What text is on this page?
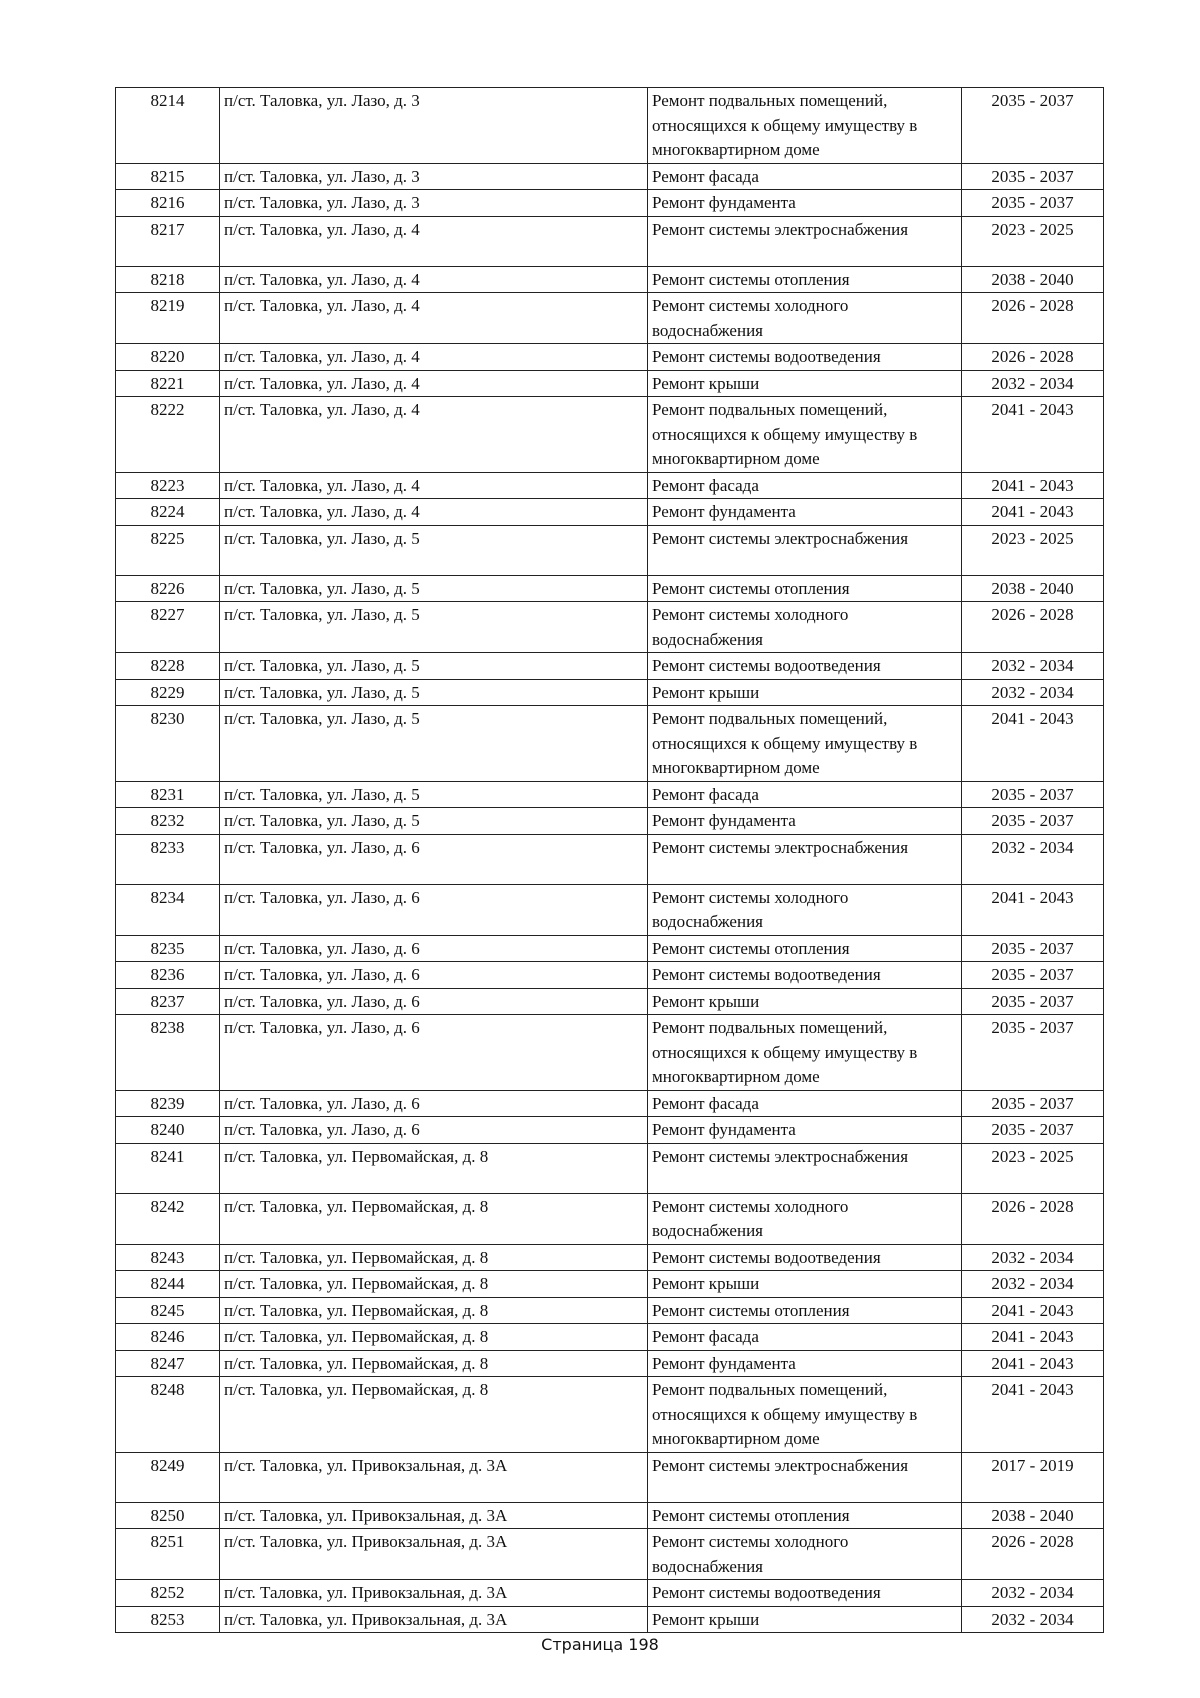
8214	п/ст. Таловка, ул. Лазо, д. 3	Ремонт подвальных помещений, относящихся к общему имуществу в многоквартирном доме	2035 - 2037
8215	п/ст. Таловка, ул. Лазо, д. 3	Ремонт фасада	2035 - 2037
8216	п/ст. Таловка, ул. Лазо, д. 3	Ремонт фундамента	2035 - 2037
8217	п/ст. Таловка, ул. Лазо, д. 4	Ремонт системы электроснабжения	2023 - 2025
8218	п/ст. Таловка, ул. Лазо, д. 4	Ремонт системы отопления	2038 - 2040
8219	п/ст. Таловка, ул. Лазо, д. 4	Ремонт системы холодного водоснабжения	2026 - 2028
8220	п/ст. Таловка, ул. Лазо, д. 4	Ремонт системы водоотведения	2026 - 2028
8221	п/ст. Таловка, ул. Лазо, д. 4	Ремонт крыши	2032 - 2034
8222	п/ст. Таловка, ул. Лазо, д. 4	Ремонт подвальных помещений, относящихся к общему имуществу в многоквартирном доме	2041 - 2043
8223	п/ст. Таловка, ул. Лазо, д. 4	Ремонт фасада	2041 - 2043
8224	п/ст. Таловка, ул. Лазо, д. 4	Ремонт фундамента	2041 - 2043
8225	п/ст. Таловка, ул. Лазо, д. 5	Ремонт системы электроснабжения	2023 - 2025
8226	п/ст. Таловка, ул. Лазо, д. 5	Ремонт системы отопления	2038 - 2040
8227	п/ст. Таловка, ул. Лазо, д. 5	Ремонт системы холодного водоснабжения	2026 - 2028
8228	п/ст. Таловка, ул. Лазо, д. 5	Ремонт системы водоотведения	2032 - 2034
8229	п/ст. Таловка, ул. Лазо, д. 5	Ремонт крыши	2032 - 2034
8230	п/ст. Таловка, ул. Лазо, д. 5	Ремонт подвальных помещений, относящихся к общему имуществу в многоквартирном доме	2041 - 2043
8231	п/ст. Таловка, ул. Лазо, д. 5	Ремонт фасада	2035 - 2037
8232	п/ст. Таловка, ул. Лазо, д. 5	Ремонт фундамента	2035 - 2037
8233	п/ст. Таловка, ул. Лазо, д. 6	Ремонт системы электроснабжения	2032 - 2034
8234	п/ст. Таловка, ул. Лазо, д. 6	Ремонт системы холодного водоснабжения	2041 - 2043
8235	п/ст. Таловка, ул. Лазо, д. 6	Ремонт системы отопления	2035 - 2037
8236	п/ст. Таловка, ул. Лазо, д. 6	Ремонт системы водоотведения	2035 - 2037
8237	п/ст. Таловка, ул. Лазо, д. 6	Ремонт крыши	2035 - 2037
8238	п/ст. Таловка, ул. Лазо, д. 6	Ремонт подвальных помещений, относящихся к общему имуществу в многоквартирном доме	2035 - 2037
8239	п/ст. Таловка, ул. Лазо, д. 6	Ремонт фасада	2035 - 2037
8240	п/ст. Таловка, ул. Лазо, д. 6	Ремонт фундамента	2035 - 2037
8241	п/ст. Таловка, ул. Первомайская, д. 8	Ремонт системы электроснабжения	2023 - 2025
8242	п/ст. Таловка, ул. Первомайская, д. 8	Ремонт системы холодного водоснабжения	2026 - 2028
8243	п/ст. Таловка, ул. Первомайская, д. 8	Ремонт системы водоотведения	2032 - 2034
8244	п/ст. Таловка, ул. Первомайская, д. 8	Ремонт крыши	2032 - 2034
8245	п/ст. Таловка, ул. Первомайская, д. 8	Ремонт системы отопления	2041 - 2043
8246	п/ст. Таловка, ул. Первомайская, д. 8	Ремонт фасада	2041 - 2043
8247	п/ст. Таловка, ул. Первомайская, д. 8	Ремонт фундамента	2041 - 2043
8248	п/ст. Таловка, ул. Первомайская, д. 8	Ремонт подвальных помещений, относящихся к общему имуществу в многоквартирном доме	2041 - 2043
8249	п/ст. Таловка, ул. Привокзальная, д. 3А	Ремонт системы электроснабжения	2017 - 2019
8250	п/ст. Таловка, ул. Привокзальная, д. 3А	Ремонт системы отопления	2038 - 2040
8251	п/ст. Таловка, ул. Привокзальная, д. 3А	Ремонт системы холодного водоснабжения	2026 - 2028
8252	п/ст. Таловка, ул. Привокзальная, д. 3А	Ремонт системы водоотведения	2032 - 2034
8253	п/ст. Таловка, ул. Привокзальная, д. 3А	Ремонт крыши	2032 - 2034
Страница 198
